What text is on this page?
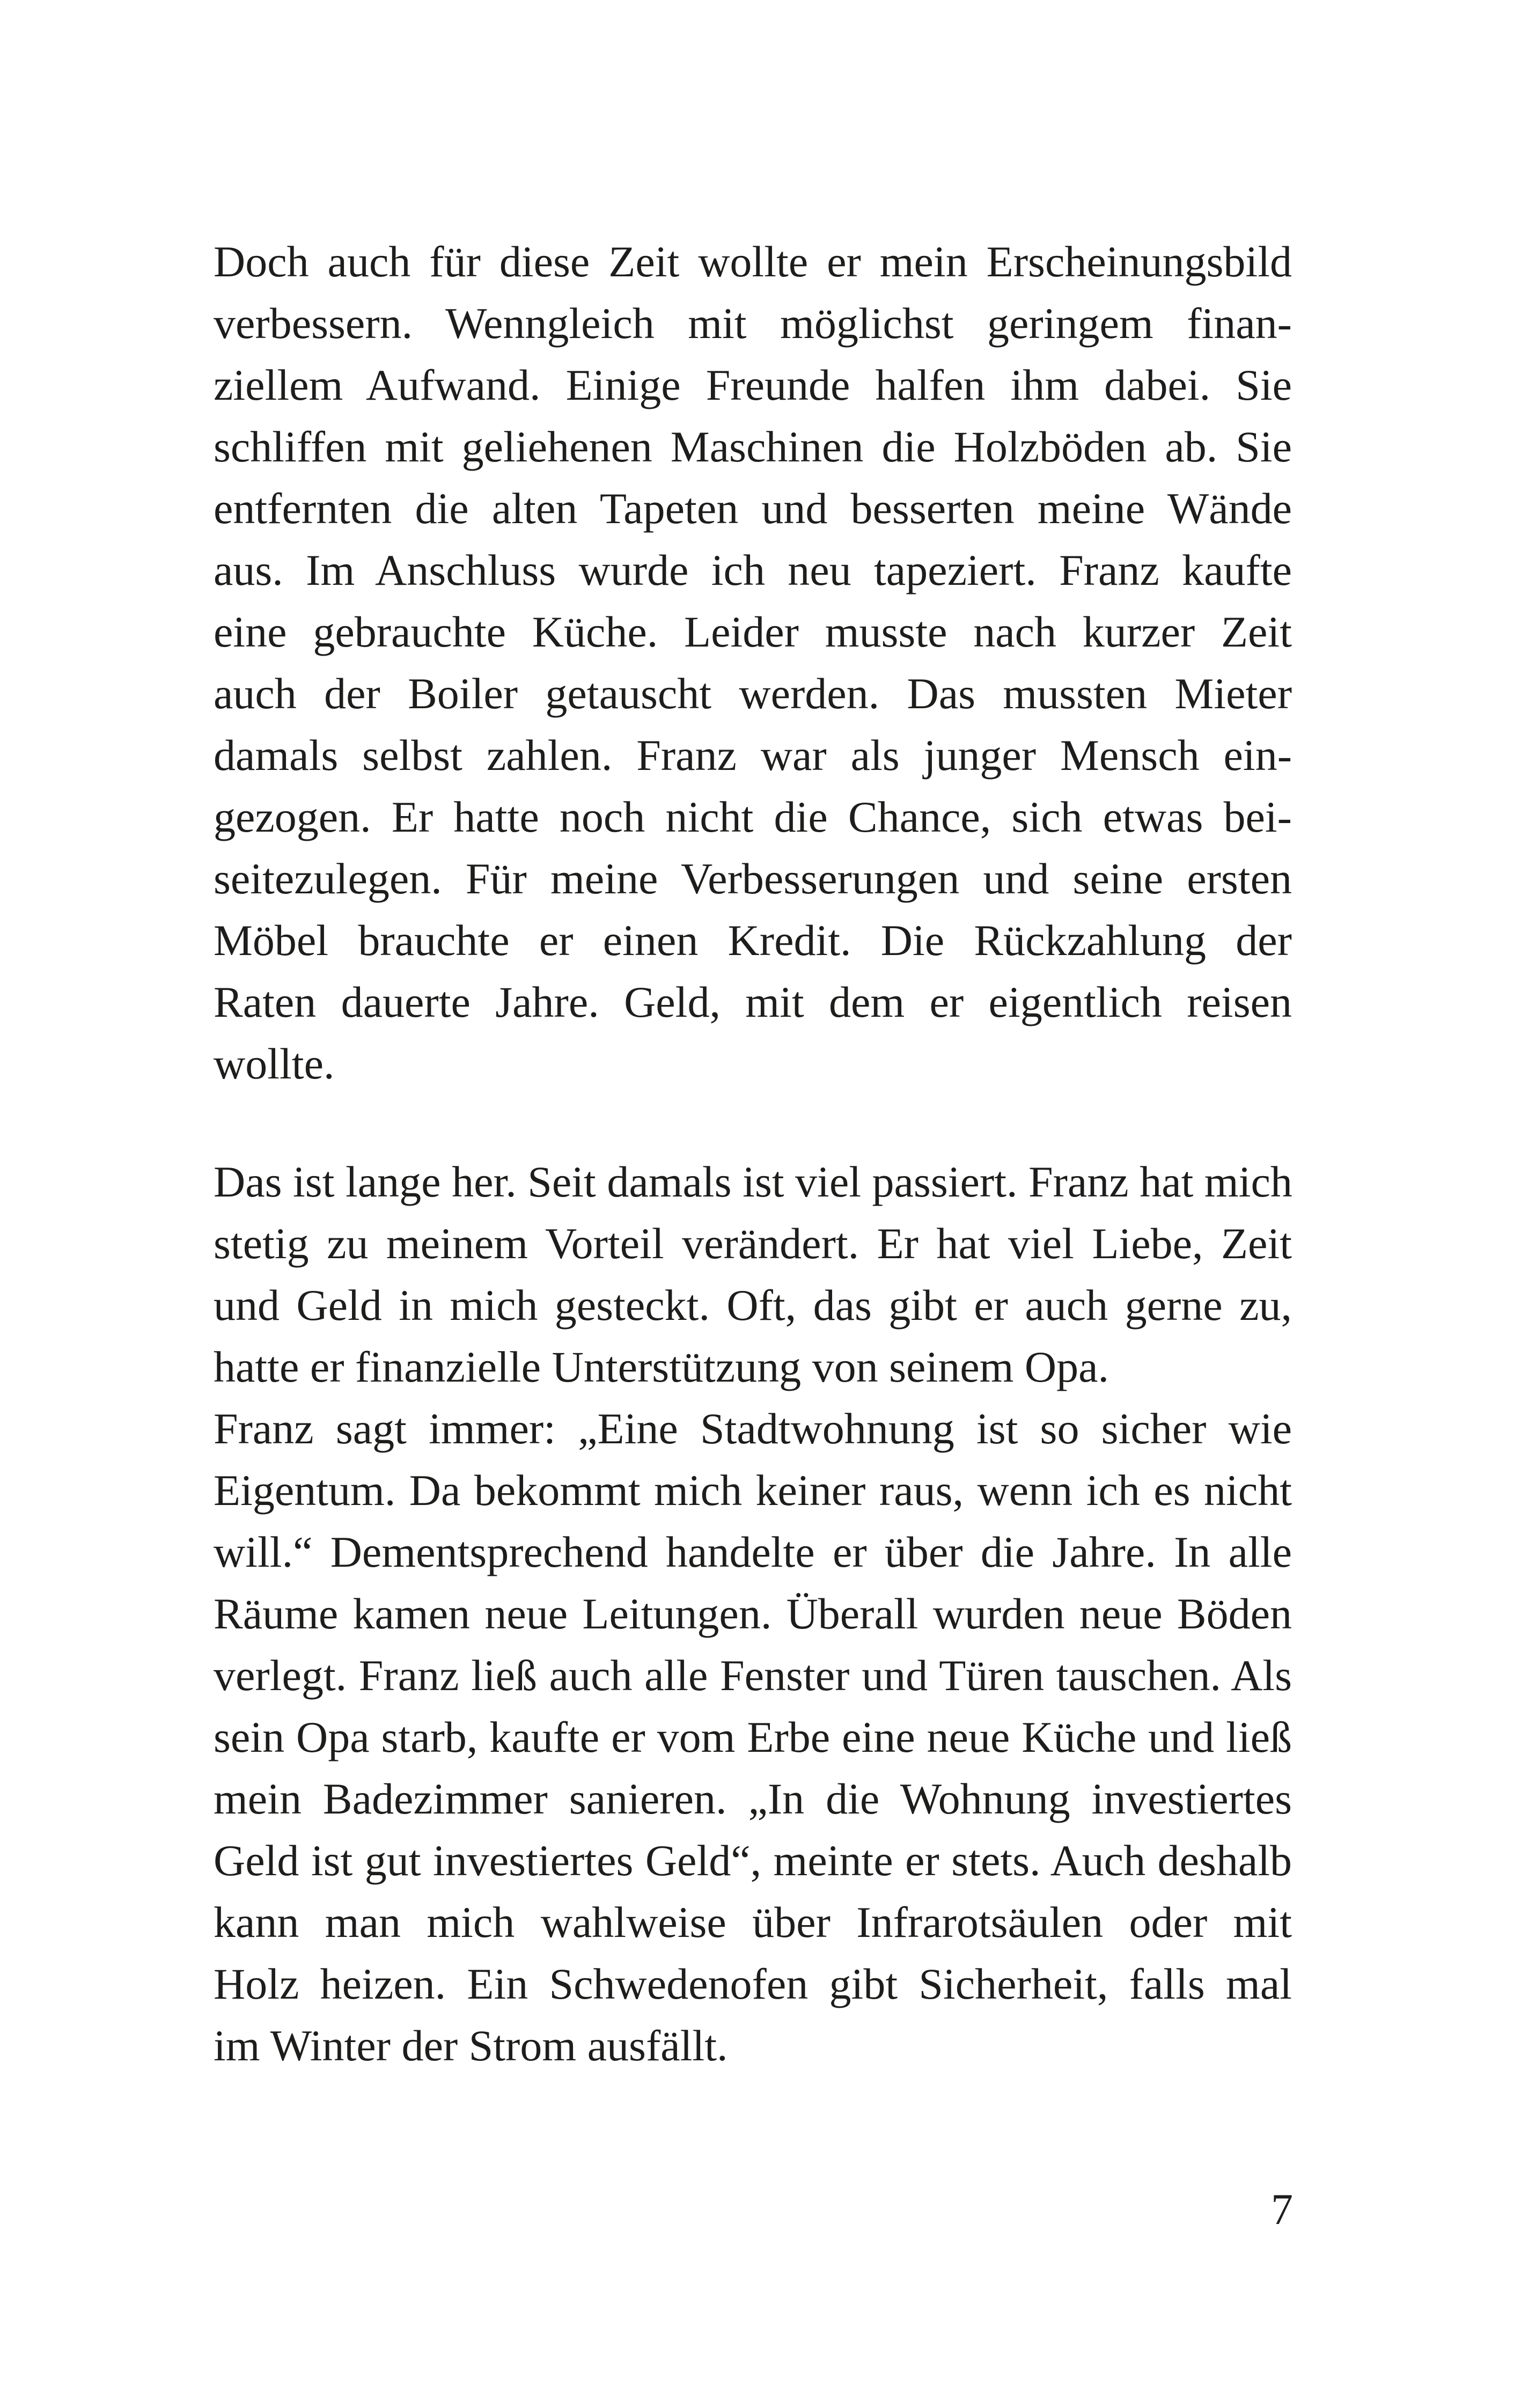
Doch auch für diese Zeit wollte er mein Erscheinungsbild
verbessern. Wenngleich mit möglichst geringem finan-
ziellem Aufwand. Einige Freunde halfen ihm dabei. Sie
schliffen mit geliehenen Maschinen die Holzböden ab. Sie
entfernten die alten Tapeten und besserten meine Wände
aus. Im Anschluss wurde ich neu tapeziert. Franz kaufte
eine gebrauchte Küche. Leider musste nach kurzer Zeit
auch der Boiler getauscht werden. Das mussten Mieter
damals selbst zahlen. Franz war als junger Mensch ein-
gezogen. Er hatte noch nicht die Chance, sich etwas bei-
seitezulegen. Für meine Verbesserungen und seine ersten
Möbel brauchte er einen Kredit. Die Rückzahlung der
Raten dauerte Jahre. Geld, mit dem er eigentlich reisen
wollte.
Das ist lange her. Seit damals ist viel passiert. Franz hat mich
stetig zu meinem Vorteil verändert. Er hat viel Liebe, Zeit
und Geld in mich gesteckt. Oft, das gibt er auch gerne zu,
hatte er finanzielle Unterstützung von seinem Opa.
Franz sagt immer: „Eine Stadtwohnung ist so sicher wie
Eigentum. Da bekommt mich keiner raus, wenn ich es nicht
will.“ Dementsprechend handelte er über die Jahre. In alle
Räume kamen neue Leitungen. Überall wurden neue Böden
verlegt. Franz ließ auch alle Fenster und Türen tauschen. Als
sein Opa starb, kaufte er vom Erbe eine neue Küche und ließ
mein Badezimmer sanieren. „In die Wohnung investiertes
Geld ist gut investiertes Geld“, meinte er stets. Auch deshalb
kann man mich wahlweise über Infrarotsäulen oder mit
Holz heizen. Ein Schwedenofen gibt Sicherheit, falls mal
im Winter der Strom ausfällt.
7
